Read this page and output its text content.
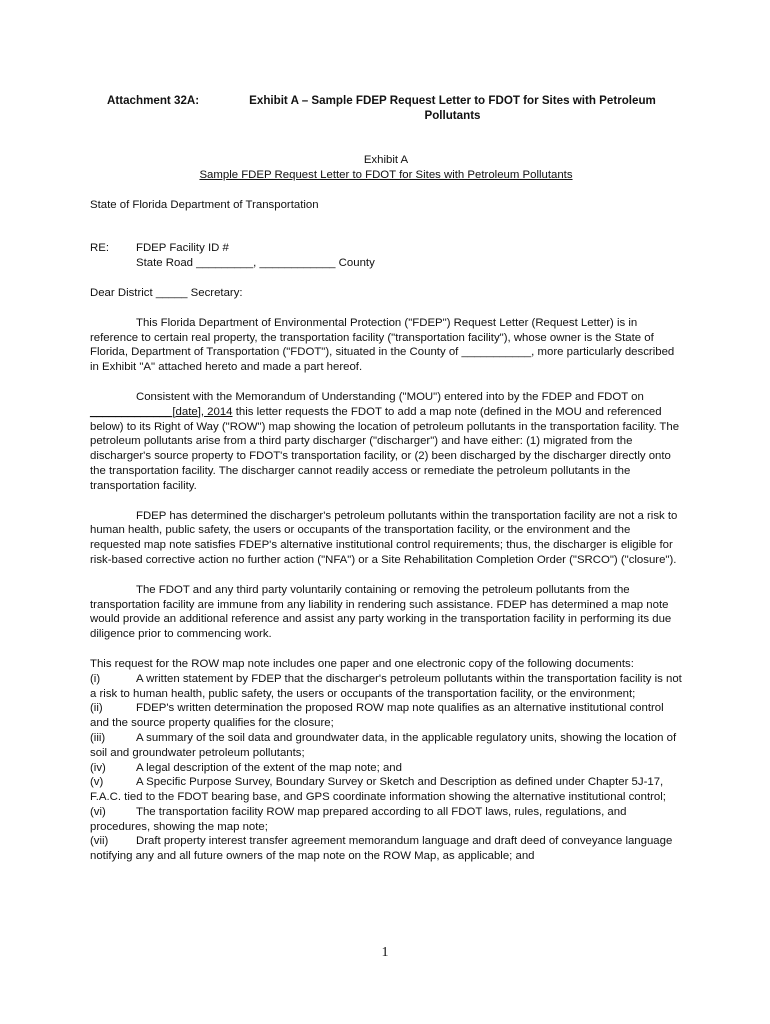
Attachment 32A:	Exhibit A – Sample FDEP Request Letter to FDOT for Sites with Petroleum Pollutants

Exhibit A

Sample FDEP Request Letter to FDOT for Sites with Petroleum Pollutants

State of Florida Department of Transportation

RE:	FDEP Facility ID #

State Road _________, ____________ County

Dear District _____ Secretary:

This Florida Department of Environmental Protection ("FDEP") Request Letter (Request Letter) is in reference to certain real property, the transportation facility ("transportation facility"), whose owner is the State of Florida, Department of Transportation ("FDOT"), situated in the County of ___________, more particularly described in Exhibit "A" attached hereto and made a part hereof.

Consistent with the Memorandum of Understanding ("MOU") entered into by the FDEP and FDOT on _____________[date], 2014 this letter requests the FDOT to add a map note (defined in the MOU and referenced below) to its Right of Way ("ROW") map showing the location of petroleum pollutants in the transportation facility. The petroleum pollutants arise from a third party discharger ("discharger") and have either: (1) migrated from the discharger's source property to FDOT's transportation facility, or (2) been discharged by the discharger directly onto the transportation facility. The discharger cannot readily access or remediate the petroleum pollutants in the transportation facility.

FDEP has determined the discharger's petroleum pollutants within the transportation facility are not a risk to human health, public safety, the users or occupants of the transportation facility, or the environment and the requested map note satisfies FDEP's alternative institutional control requirements; thus, the discharger is eligible for risk-based corrective action no further action ("NFA") or a Site Rehabilitation Completion Order ("SRCO") ("closure").

The FDOT and any third party voluntarily containing or removing the petroleum pollutants from the transportation facility are immune from any liability in rendering such assistance. FDEP has determined a map note would provide an additional reference and assist any party working in the transportation facility in performing its due diligence prior to commencing work.

This request for the ROW map note includes one paper and one electronic copy of the following documents:

(i)	A written statement by FDEP that the discharger's petroleum pollutants within the transportation facility is not a risk to human health, public safety, the users or occupants of the transportation facility, or the environment;

(ii)	FDEP's written determination the proposed ROW map note qualifies as an alternative institutional control and the source property qualifies for the closure;

(iii)	A summary of the soil data and groundwater data, in the applicable regulatory units, showing the location of soil and groundwater petroleum pollutants;

(iv)	A legal description of the extent of the map note; and

(v)	A Specific Purpose Survey, Boundary Survey or Sketch and Description as defined under Chapter 5J-17, F.A.C. tied to the FDOT bearing base, and GPS coordinate information showing the alternative institutional control;

(vi)	The transportation facility ROW map prepared according to all FDOT laws, rules, regulations, and procedures, showing the map note;

(vii) Draft property interest transfer agreement memorandum language and draft deed of conveyance language notifying any and all future owners of the map note on the ROW Map, as applicable; and

1
